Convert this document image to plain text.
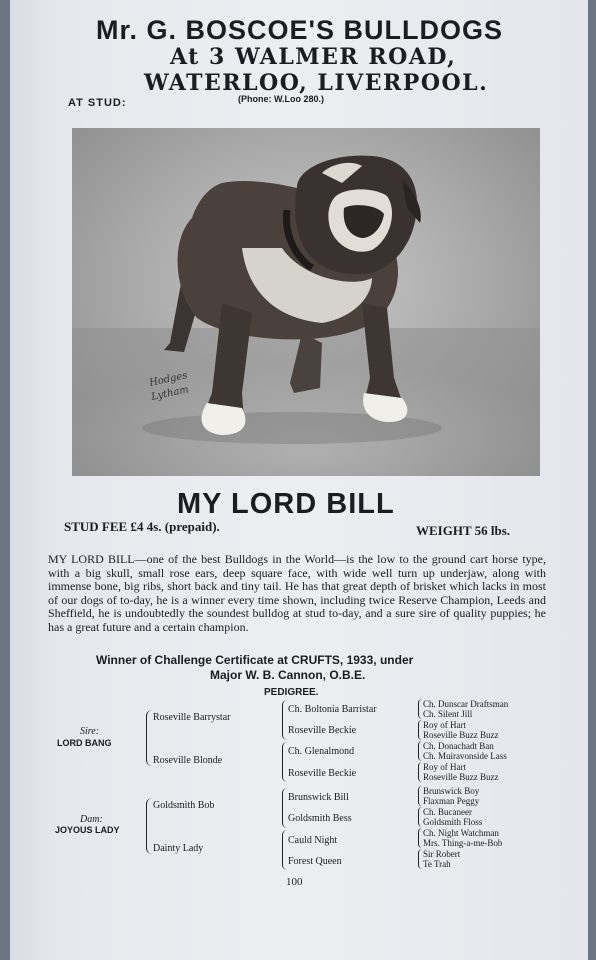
Mr. G. BOSCOE'S BULLDOGS
At 3 WALMER ROAD,
WATERLOO, LIVERPOOL.
AT STUD:	(Phone: W.Loo 280.)
Hodges
Lytham
MY LORD BILL
STUD FEE £4 4s. (prepaid).	WEIGHT 56 lbs.

MY LORD BILL—one of the best Bulldogs in the World—is the low to the ground cart horse type, with a big skull, small rose ears, deep square face, with wide well turn up underjaw, along with immense bone, big ribs, short back and tiny tail. He has that great depth of brisket which lacks in most of our dogs of to-day, he is a winner every time shown, including twice Reserve Champion, Leeds and Sheffield, he is undoubtedly the soundest bulldog at stud to-day, and a sure sire of quality puppies; he has a great future and a certain champion.

Winner of Challenge Certificate at CRUFTS, 1933, under
Major W. B. Cannon, O.B.E.
PEDIGREE.
Sire:
LORD BANG
Dam:
JOYOUS LADY
Roseville Barrystar
Roseville Blonde
Goldsmith Bob
Dainty Lady
Ch. Boltonia Barristar
Roseville Beckie
Ch. Glenalmond
Roseville Beckie
Brunswick Bill
Goldsmith Bess
Cauld Night
Forest Queen
Ch. Dunscar Draftsman
Ch. Silent Jill
Roy of Hart
Roseville Buzz Buzz
Ch. Donachadt Ban
Ch. Muiravonside Lass
Roy of Hart
Roseville Buzz Buzz
Brunswick Boy
Flaxman Peggy
Ch. Bucaneer
Goldsmith Floss
Ch. Night Watchman
Mrs. Thing-a-me-Bob
Sir Robert
Te Trah
100
